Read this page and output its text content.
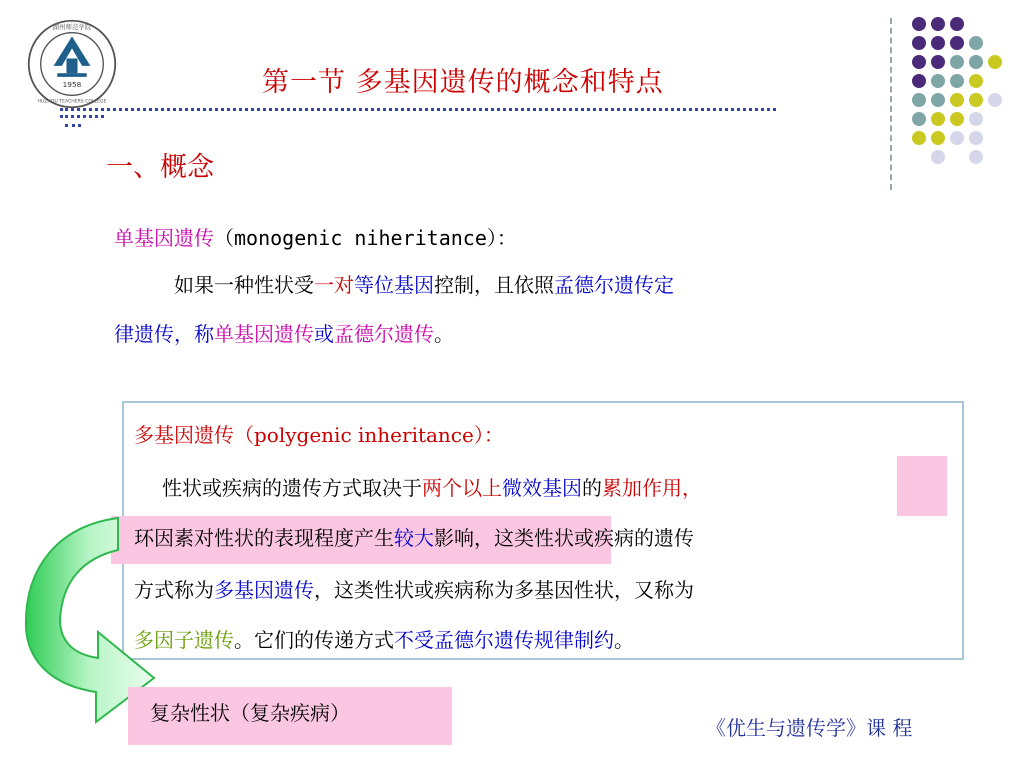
1958
HUZHOU TEACHERS COLLEGE
湖州师范学院
第一节 多基因遗传的概念和特点
一、概念
单基因遗传（monogenic niheritance）：
如果一种性状受一对等位基因控制，且依照孟德尔遗传定
律遗传，称单基因遗传或孟德尔遗传。
多基因遗传（polygenic inheritance）：
性状或疾病的遗传方式取决于两个以上微效基因的累加作用，
环因素对性状的表现程度产生较大影响，这类性状或疾病的遗传
方式称为多基因遗传，这类性状或疾病称为多基因性状，又称为
多因子遗传。它们的传递方式不受孟德尔遗传规律制约。
复杂性状（复杂疾病）
《优生与遗传学》课 程
